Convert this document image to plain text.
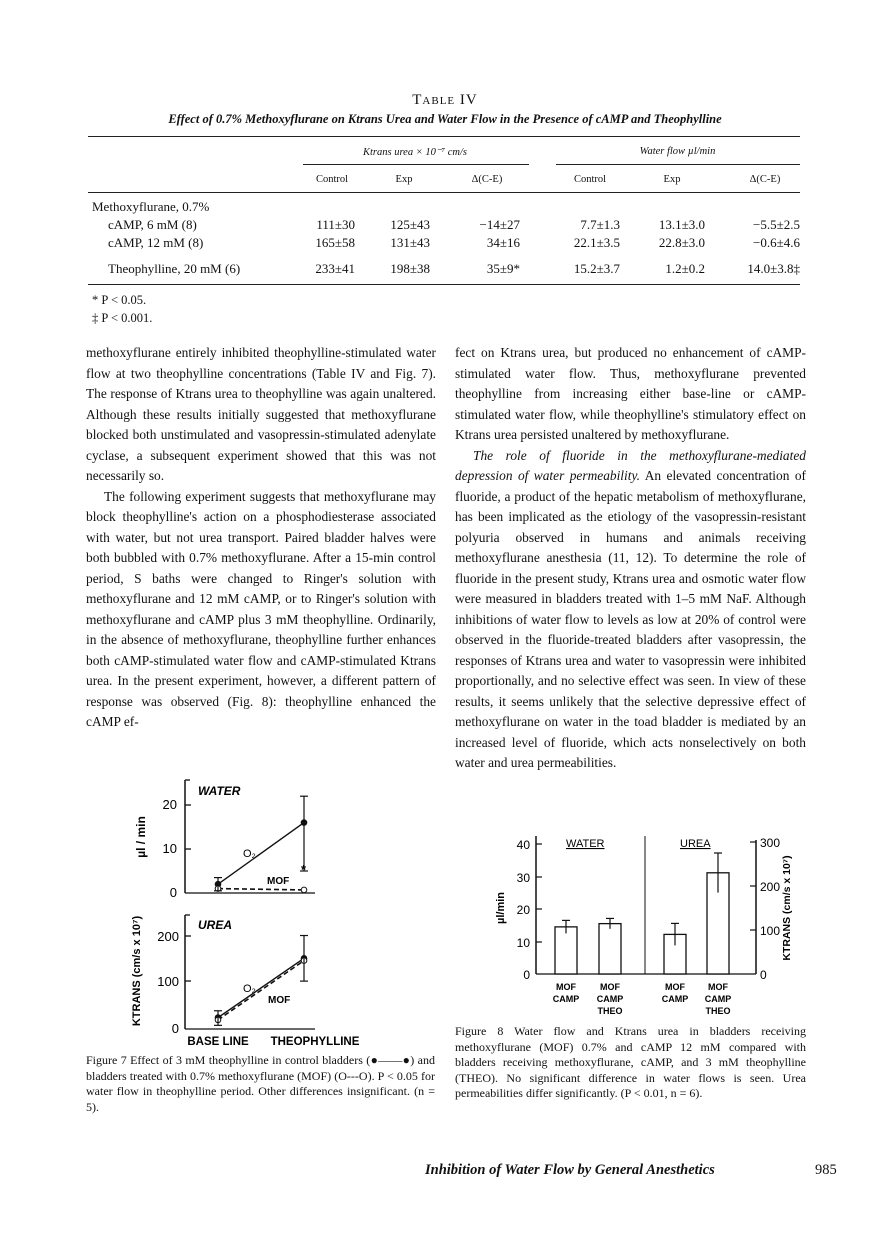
Table IV
Effect of 0.7% Methoxyflurane on Ktrans Urea and Water Flow in the Presence of cAMP and Theophylline
Ktrans urea × 10⁻⁷ cm/s	Water flow µl/min
Control	Exp	Δ(C-E)	Control	Exp	Δ(C-E)
Methoxyflurane, 0.7%
cAMP, 6 mM (8)	111±30	125±43	−14±27	7.7±1.3	13.1±3.0	−5.5±2.5
cAMP, 12 mM (8)	165±58	131±43	34±16	22.1±3.5	22.8±3.0	−0.6±4.6
Theophylline, 20 mM (6)	233±41	198±38	35±9*	15.2±3.7	1.2±0.2	14.0±3.8‡
* P < 0.05.
‡ P < 0.001.

methoxyflurane entirely inhibited theophylline-stimulated water flow at two theophylline concentrations (Table IV and Fig. 7). The response of Ktrans urea to theophylline was again unaltered. Although these results initially suggested that methoxyflurane blocked both unstimulated and vasopressin-stimulated adenylate cyclase, a subsequent experiment showed that this was not necessarily so.

The following experiment suggests that methoxyflurane may block theophylline's action on a phosphodiesterase associated with water, but not urea transport. Paired bladder halves were both bubbled with 0.7% methoxyflurane. After a 15-min control period, S baths were changed to Ringer's solution with methoxyflurane and 12 mM cAMP, or to Ringer's solution with methoxyflurane and cAMP plus 3 mM theophylline. Ordinarily, in the absence of methoxyflurane, theophylline further enhances both cAMP-stimulated water flow and cAMP-stimulated Ktrans urea. In the present experiment, however, a different pattern of response was observed (Fig. 8): theophylline enhanced the cAMP ef-

fect on Ktrans urea, but produced no enhancement of cAMP-stimulated water flow. Thus, methoxyflurane prevented theophylline from increasing either base-line or cAMP-stimulated water flow, while theophylline's stimulatory effect on Ktrans urea persisted unaltered by methoxyflurane.

The role of fluoride in the methoxyflurane-mediated depression of water permeability. An elevated concentration of fluoride, a product of the hepatic metabolism of methoxyflurane, has been implicated as the etiology of the vasopressin-resistant polyuria observed in humans and animals receiving methoxyflurane anesthesia (11, 12). To determine the role of fluoride in the present study, Ktrans urea and osmotic water flow were measured in bladders treated with 1–5 mM NaF. Although inhibitions of water flow to levels as low at 20% of control were observed in the fluoride-treated bladders after vasopressin, the responses of Ktrans urea and water to vasopressin were inhibited proportionally, and no selective effect was seen. In view of these results, it seems unlikely that the selective depressive effect of methoxyflurane on water in the toad bladder is mediated by an increased level of fluoride, which acts nonselectively on both water and urea permeabilities.

20
10
0
µl / min
WATER
O₂
MOF
*
200
100
0
KTRANS (cm/s x 10⁷)	UREA
O₂
MOF
BASE LINE THEOPHYLLINE
Figure 7 Effect of 3 mM theophylline in control bladders (●——●) and bladders treated with 0.7% methoxyflurane (MOF) (O---O). P < 0.05 for water flow in theophylline period. Other differences insignificant. (n = 5).
40
30
20
10
0
µl/min
300
200
100
0
KTRANS (cm/s x 10⁷)
WATER	UREA
MOF
CAMP
MOF
CAMP
THEO
MOF
CAMP
MOF
CAMP
THEO
Figure 8 Water flow and Ktrans urea in bladders receiving methoxyflurane (MOF) 0.7% and cAMP 12 mM compared with bladders receiving methoxyflurane, cAMP, and 3 mM theophylline (THEO). No significant difference in water flows is seen. Urea permeabilities differ significantly. (P < 0.01, n = 6).
Inhibition of Water Flow by General Anesthetics	985
